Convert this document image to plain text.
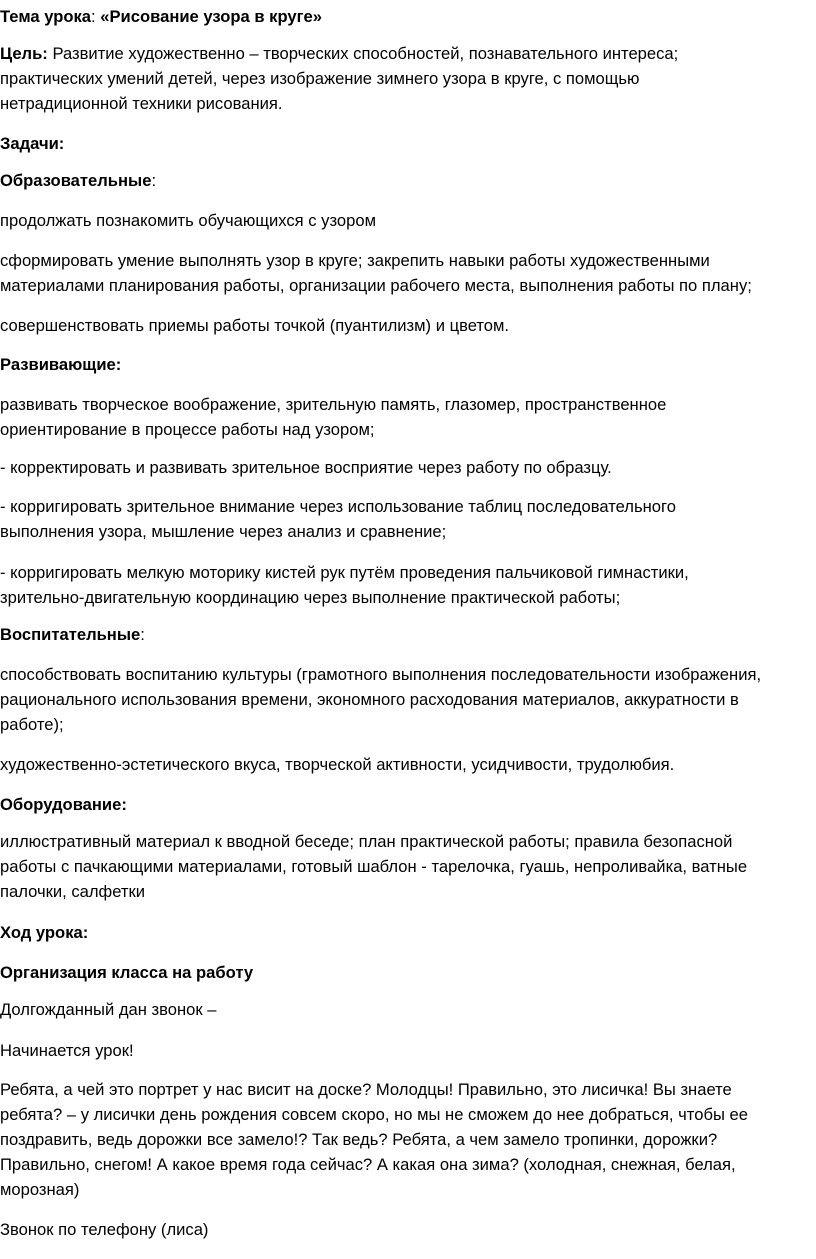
Тема урока: «Рисование узора в круге»
Цель: Развитие художественно – творческих способностей, познавательного интереса;
практических умений детей, через изображение зимнего узора в круге, с помощью
нетрадиционной техники рисования.
Задачи:
Образовательные:
продолжать познакомить обучающихся с узором
сформировать умение выполнять узор в круге; закрепить навыки работы художественными
материалами планирования работы, организации рабочего места, выполнения работы по плану;
совершенствовать приемы работы точкой (пуантилизм) и цветом.
Развивающие:
развивать творческое воображение, зрительную память, глазомер, пространственное
ориентирование в процессе работы над узором;
- корректировать и развивать зрительное восприятие через работу по образцу.
- корригировать зрительное внимание через использование таблиц последовательного
выполнения узора, мышление через анализ и сравнение;
- корригировать мелкую моторику кистей рук путём проведения пальчиковой гимнастики,
зрительно-двигательную координацию через выполнение практической работы;
Воспитательные:
способствовать воспитанию культуры (грамотного выполнения последовательности изображения,
рационального использования времени, экономного расходования материалов, аккуратности в
работе);
художественно-эстетического вкуса, творческой активности, усидчивости, трудолюбия.
Оборудование:
иллюстративный материал к вводной беседе; план практической работы; правила безопасной
работы с пачкающими материалами, готовый шаблон - тарелочка, гуашь, непроливайка, ватные
палочки, салфетки
Ход урока:
Организация класса на работу
Долгожданный дан звонок –
Начинается урок!
Ребята, а чей это портрет у нас висит на доске? Молодцы! Правильно, это лисичка! Вы знаете
ребята? – у лисички день рождения совсем скоро, но мы не сможем до нее добраться, чтобы ее
поздравить, ведь дорожки все замело!? Так ведь? Ребята, а чем замело тропинки, дорожки?
Правильно, снегом! А какое время года сейчас? А какая она зима? (холодная, снежная, белая,
морозная)
Звонок по телефону (лиса)
